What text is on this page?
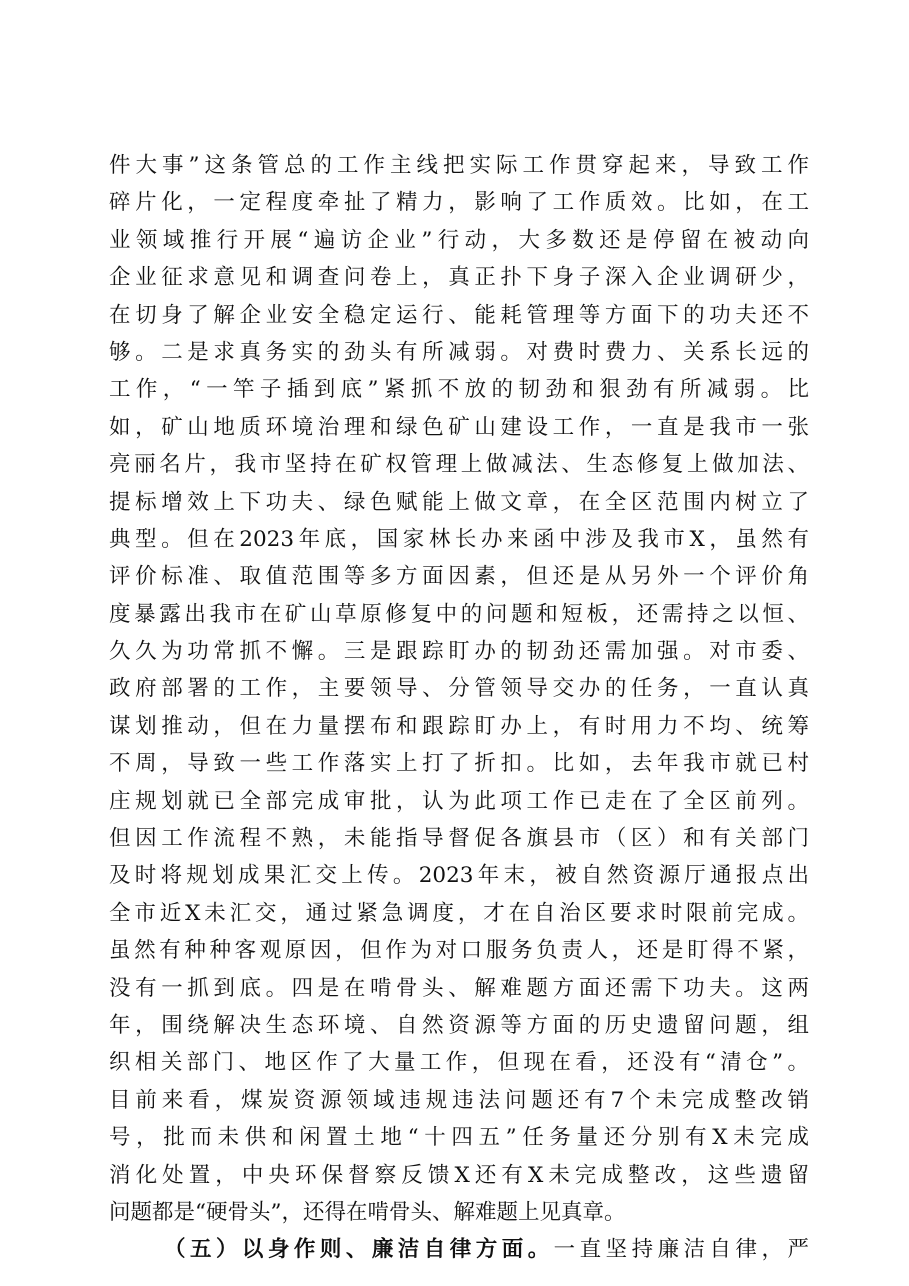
件大事”这条管总的工作主线把实际工作贯穿起来，导致工作
碎片化，一定程度牵扯了精力，影响了工作质效。比如，在工
业领域推行开展“遍访企业”行动，大多数还是停留在被动向
企业征求意见和调查问卷上，真正扑下身子深入企业调研少，
在切身了解企业安全稳定运行、能耗管理等方面下的功夫还不
够。二是求真务实的劲头有所减弱。对费时费力、关系长远的
工作，“一竿子插到底”紧抓不放的韧劲和狠劲有所减弱。比
如，矿山地质环境治理和绿色矿山建设工作，一直是我市一张
亮丽名片，我市坚持在矿权管理上做减法、生态修复上做加法、
提标增效上下功夫、绿色赋能上做文章，在全区范围内树立了
典型。但在2023年底，国家林长办来函中涉及我市X，虽然有
评价标准、取值范围等多方面因素，但还是从另外一个评价角
度暴露出我市在矿山草原修复中的问题和短板，还需持之以恒、
久久为功常抓不懈。三是跟踪盯办的韧劲还需加强。对市委、
政府部署的工作，主要领导、分管领导交办的任务，一直认真
谋划推动，但在力量摆布和跟踪盯办上，有时用力不均、统筹
不周，导致一些工作落实上打了折扣。比如，去年我市就已村
庄规划就已全部完成审批，认为此项工作已走在了全区前列。
但因工作流程不熟，未能指导督促各旗县市（区）和有关部门
及时将规划成果汇交上传。2023年末，被自然资源厅通报点出
全市近X未汇交，通过紧急调度，才在自治区要求时限前完成。
虽然有种种客观原因，但作为对口服务负责人，还是盯得不紧，
没有一抓到底。四是在啃骨头、解难题方面还需下功夫。这两
年，围绕解决生态环境、自然资源等方面的历史遗留问题，组
织相关部门、地区作了大量工作，但现在看，还没有“清仓”。
目前来看，煤炭资源领域违规违法问题还有7个未完成整改销
号，批而未供和闲置土地“十四五”任务量还分别有X未完成
消化处置，中央环保督察反馈X还有X未完成整改，这些遗留
问题都是“硬骨头”，还得在啃骨头、解难题上见真章。
（五）以身作则、廉洁自律方面。一直坚持廉洁自律，严
